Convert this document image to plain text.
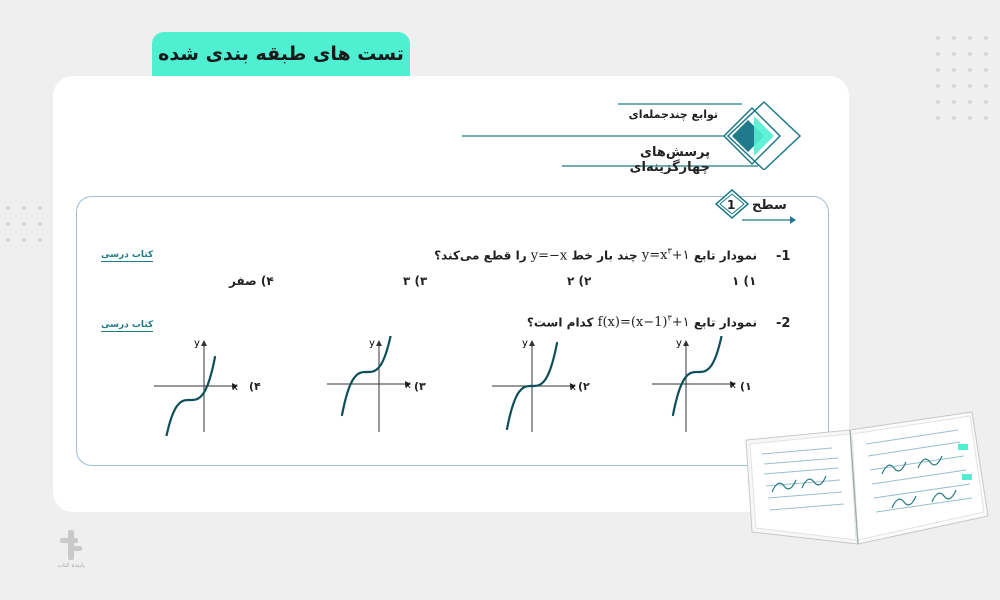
تست های طبقه بندی شده
توابع چندجمله‌ای
پرسش‌های چهارگزینه‌ای
1 سطح
کتاب درسی	-1
نمودار تابع $y=x^۳+۱$ چند بار خط y=−x را قطع می‌کند؟
۱) ۱
۲) ۲
۳) ۳
۴) صفر
کتاب درسی	-2
نمودار تابع $f(x)=(x-1)^۳+۱$ کدام است؟
y
x ۱)
y
x ۲)
y
x ۳)
y
x ۴)
پاینده کتاب
